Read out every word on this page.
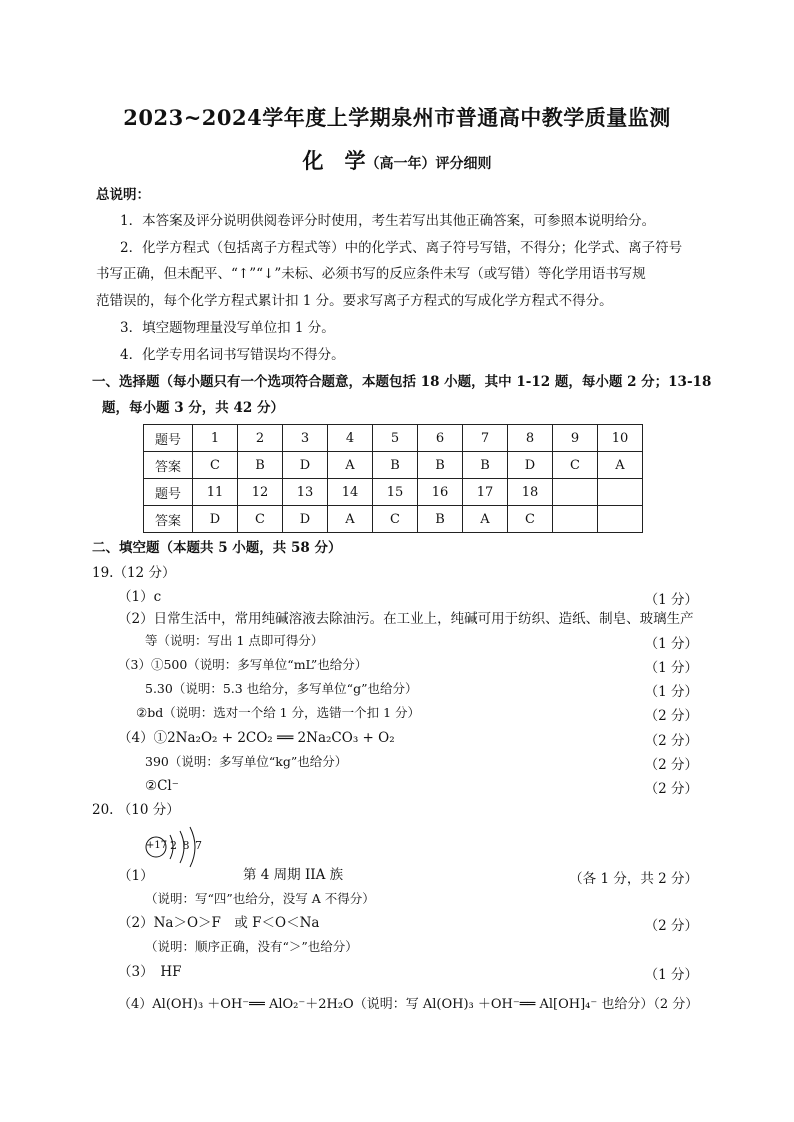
2023~2024学年度上学期泉州市普通高中教学质量监测
化　学（高一年）评分细则
总说明：
1．本答案及评分说明供阅卷评分时使用，考生若写出其他正确答案，可参照本说明给分。
2．化学方程式（包括离子方程式等）中的化学式、离子符号写错，不得分；化学式、离子符号
书写正确，但未配平、“↑”“↓”未标、必须书写的反应条件未写（或写错）等化学用语书写规
范错误的，每个化学方程式累计扣 1 分。要求写离子方程式的写成化学方程式不得分。
3．填空题物理量没写单位扣 1 分。
4．化学专用名词书写错误均不得分。
一、选择题（每小题只有一个选项符合题意，本题包括 18 小题，其中 1-12 题，每小题 2 分；13-18
题，每小题 3 分，共 42 分）
题号	1	2	3	4	5	6	7	8	9	10
答案	C	B	D	A	B	B	B	D	C	A
题号	11	12	13	14	15	16	17	18		
答案	D	C	D	A	C	B	A	C		
二、填空题（本题共 5 小题，共 58 分）
19.（12 分）
（1）c	（1 分）
（2）日常生活中，常用纯碱溶液去除油污。在工业上，纯碱可用于纺织、造纸、制皂、玻璃生产
等（说明：写出 1 点即可得分）	（1 分）
（3）①500（说明：多写单位“mL”也给分）	（1 分）
5.30（说明：5.3 也给分，多写单位“g”也给分）	（1 分）
②bd（说明：选对一个给 1 分，选错一个扣 1 分）	（2 分）
（4）①2Na₂O₂ + 2CO₂ ══ 2Na₂CO₃ + O₂	（2 分）
390（说明：多写单位“kg”也给分）	（2 分）
②Cl⁻	（2 分）
20. （10 分）
+17 2 8 7
（1）	第 4 周期 IIA 族	（各 1 分，共 2 分）
（说明：写“四”也给分，没写 A 不得分）
（2）Na＞O＞F　或 F＜O＜Na	（2 分）
（说明：顺序正确，没有“＞”也给分）
（3）　HF	（1 分）
（4）Al(OH)₃ ＋OH⁻══ AlO₂⁻＋2H₂O（说明：写 Al(OH)₃ ＋OH⁻══ Al[OH]₄⁻ 也给分）（2 分）
